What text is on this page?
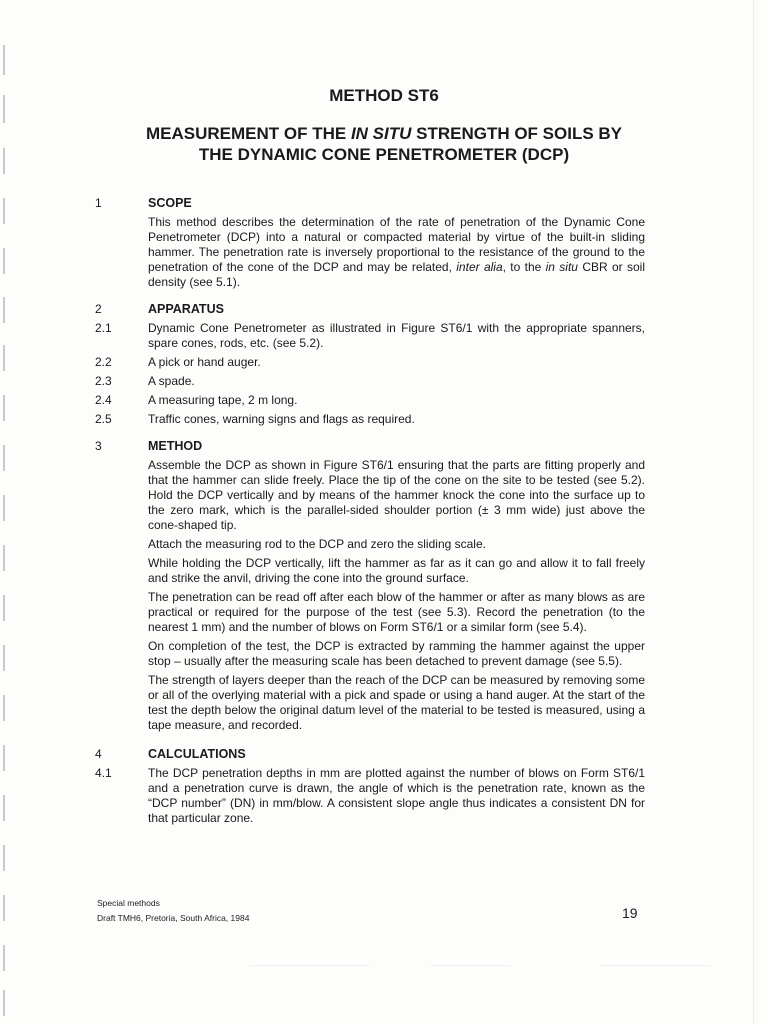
METHOD ST6
MEASUREMENT OF THE IN SITU STRENGTH OF SOILS BY
THE DYNAMIC CONE PENETROMETER (DCP)
1	SCOPE
This method describes the determination of the rate of penetration of the Dynamic Cone Penetrometer (DCP) into a natural or compacted material by virtue of the built-in sliding hammer. The penetration rate is inversely proportional to the resistance of the ground to the penetration of the cone of the DCP and may be related, inter alia, to the in situ CBR or soil density (see 5.1).
2	APPARATUS
2.1	Dynamic Cone Penetrometer as illustrated in Figure ST6/1 with the appropriate spanners, spare cones, rods, etc. (see 5.2).
2.2	A pick or hand auger.
2.3	A spade.
2.4	A measuring tape, 2 m long.
2.5	Traffic cones, warning signs and flags as required.
3	METHOD

Assemble the DCP as shown in Figure ST6/1 ensuring that the parts are fitting properly and that the hammer can slide freely. Place the tip of the cone on the site to be tested (see 5.2). Hold the DCP vertically and by means of the hammer knock the cone into the surface up to the zero mark, which is the parallel-sided shoulder portion (± 3 mm wide) just above the cone-shaped tip.

Attach the measuring rod to the DCP and zero the sliding scale.

While holding the DCP vertically, lift the hammer as far as it can go and allow it to fall freely and strike the anvil, driving the cone into the ground surface.

The penetration can be read off after each blow of the hammer or after as many blows as are practical or required for the purpose of the test (see 5.3). Record the penetration (to the nearest 1 mm) and the number of blows on Form ST6/1 or a similar form (see 5.4).

On completion of the test, the DCP is extracted by ramming the hammer against the upper stop – usually after the measuring scale has been detached to prevent damage (see 5.5).

The strength of layers deeper than the reach of the DCP can be measured by removing some or all of the overlying material with a pick and spade or using a hand auger. At the start of the test the depth below the original datum level of the material to be tested is measured, using a tape measure, and recorded.

4	CALCULATIONS
4.1	The DCP penetration depths in mm are plotted against the number of blows on Form ST6/1 and a penetration curve is drawn, the angle of which is the penetration rate, known as the “DCP number” (DN) in mm/blow. A consistent slope angle thus indicates a consistent DN for that particular zone.
Special methods
Draft TMH6, Pretoria, South Africa, 1984	19
